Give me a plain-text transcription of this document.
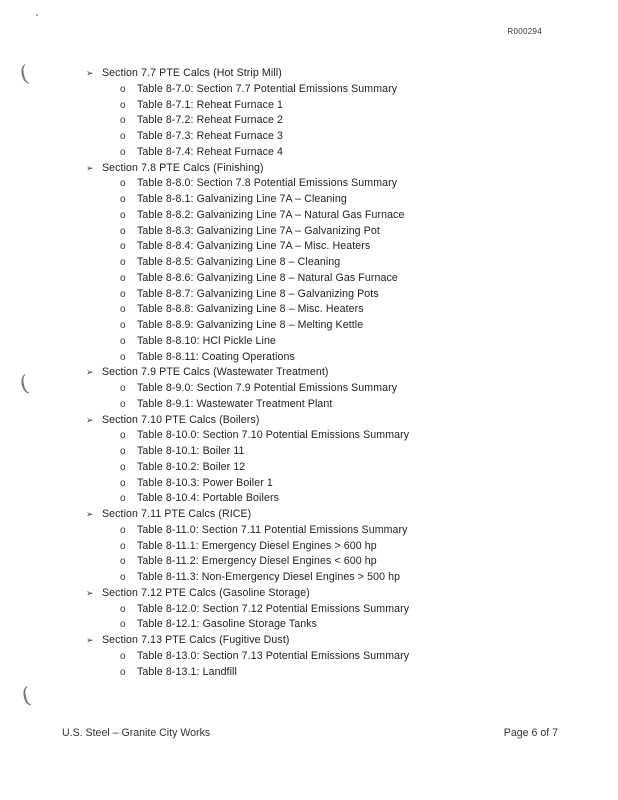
R000294
(
(
(
➢ Section 7.7 PTE Calcs (Hot Strip Mill)
o Table 8-7.0: Section 7.7 Potential Emissions Summary
o Table 8-7.1: Reheat Furnace 1
o Table 8-7.2: Reheat Furnace 2
o Table 8-7.3: Reheat Furnace 3
o Table 8-7.4: Reheat Furnace 4
➢ Section 7.8 PTE Calcs (Finishing)
o Table 8-8.0: Section 7.8 Potential Emissions Summary
o Table 8-8.1: Galvanizing Line 7A – Cleaning
o Table 8-8.2: Galvanizing Line 7A – Natural Gas Furnace
o Table 8-8.3: Galvanizing Line 7A – Galvanizing Pot
o Table 8-8.4: Galvanizing Line 7A – Misc. Heaters
o Table 8-8.5: Galvanizing Line 8 – Cleaning
o Table 8-8.6: Galvanizing Line 8 – Natural Gas Furnace
o Table 8-8.7: Galvanizing Line 8 – Galvanizing Pots
o Table 8-8.8: Galvanizing Line 8 – Misc. Heaters
o Table 8-8.9: Galvanizing Line 8 – Melting Kettle
o Table 8-8.10: HCl Pickle Line
o Table 8-8.11: Coating Operations
➢ Section 7.9 PTE Calcs (Wastewater Treatment)
o Table 8-9.0: Section 7.9 Potential Emissions Summary
o Table 8-9.1: Wastewater Treatment Plant
➢ Section 7.10 PTE Calcs (Boilers)
o Table 8-10.0: Section 7.10 Potential Emissions Summary
o Table 8-10.1: Boiler 11
o Table 8-10.2: Boiler 12
o Table 8-10.3: Power Boiler 1
o Table 8-10.4: Portable Boilers
➢ Section 7.11 PTE Calcs (RICE)
o Table 8-11.0: Section 7.11 Potential Emissions Summary
o Table 8-11.1: Emergency Diesel Engines > 600 hp
o Table 8-11.2: Emergency Diesel Engines < 600 hp
o Table 8-11.3: Non-Emergency Diesel Engines > 500 hp
➢ Section 7.12 PTE Calcs (Gasoline Storage)
o Table 8-12.0: Section 7.12 Potential Emissions Summary
o Table 8-12.1: Gasoline Storage Tanks
➢ Section 7.13 PTE Calcs (Fugitive Dust)
o Table 8-13.0: Section 7.13 Potential Emissions Summary
o Table 8-13.1: Landfill
U.S. Steel – Granite City Works	Page 6 of 7
